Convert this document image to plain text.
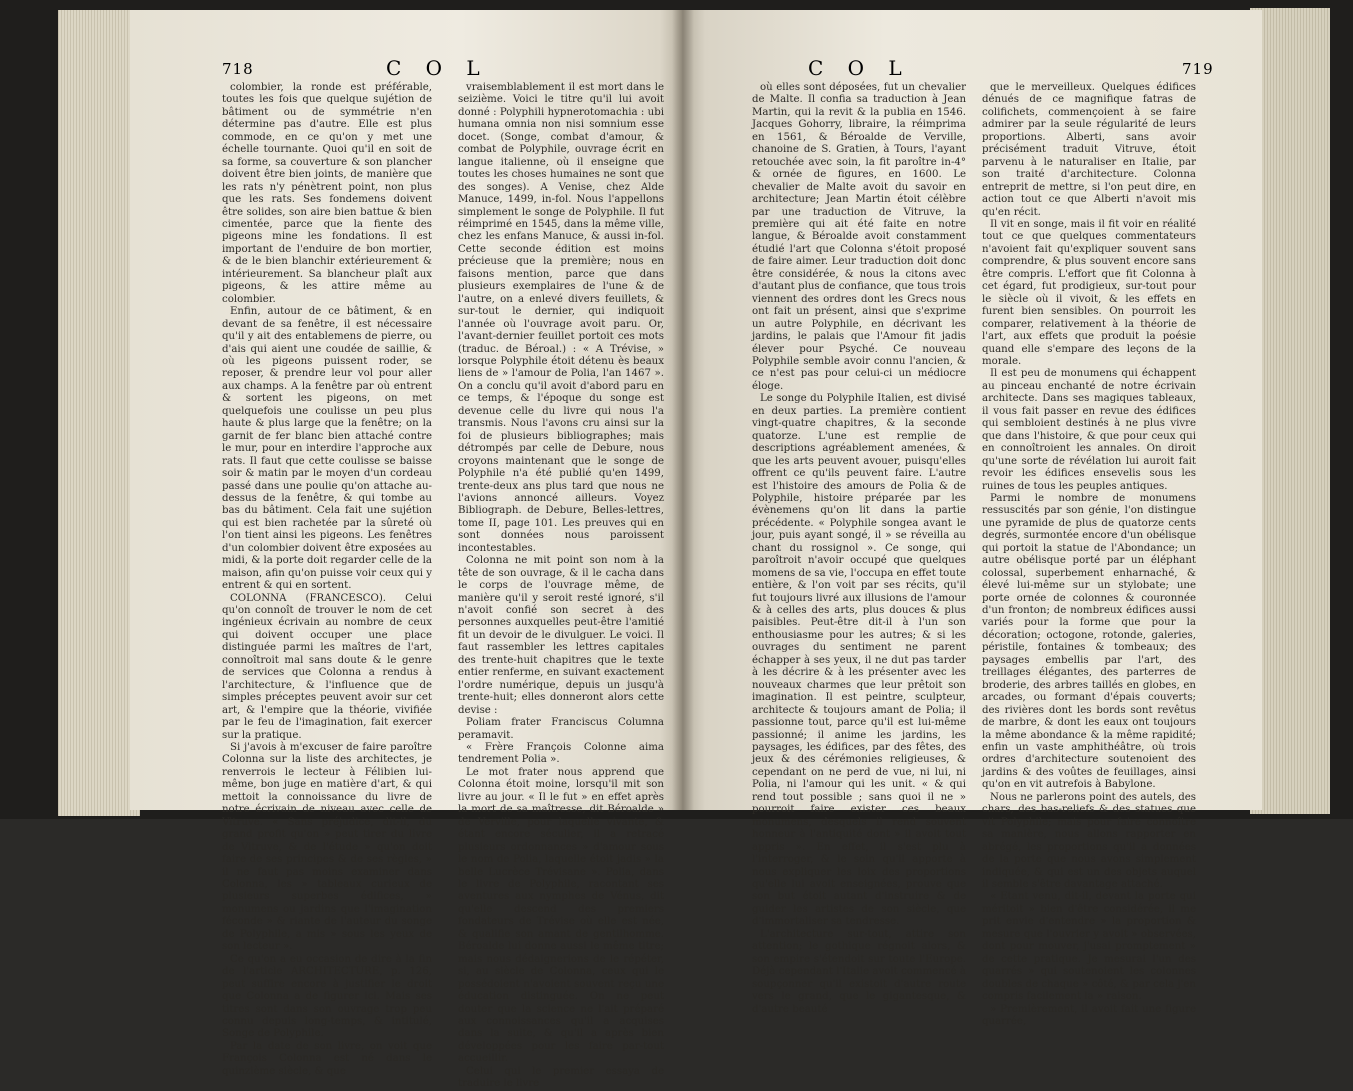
718	C O L

colombier, la ronde est préférable, toutes les fois que quelque sujétion de bâtiment ou de symmétrie n'en détermine pas d'autre. Elle est plus commode, en ce qu'on y met une échelle tournante. Quoi qu'il en soit de sa forme, sa couverture & son plancher doivent être bien joints, de manière que les rats n'y pénètrent point, non plus que les rats. Ses fondemens doivent être solides, son aire bien battue & bien cimentée, parce que la fiente des pigeons mine les fondations. Il est important de l'enduire de bon mortier, & de le bien blanchir extérieurement & intérieurement. Sa blancheur plaît aux pigeons, & les attire même au colombier.

Enfin, autour de ce bâtiment, & en devant de sa fenêtre, il est nécessaire qu'il y ait des entablemens de pierre, ou d'ais qui aient une coudée de saillie, & où les pigeons puissent roder, se reposer, & prendre leur vol pour aller aux champs. A la fenêtre par où entrent & sortent les pigeons, on met quelquefois une coulisse un peu plus haute & plus large que la fenêtre; on la garnit de fer blanc bien attaché contre le mur, pour en interdire l'approche aux rats. Il faut que cette coulisse se baisse soir & matin par le moyen d'un cordeau passé dans une poulie qu'on attache au-dessus de la fenêtre, & qui tombe au bas du bâtiment. Cela fait une sujétion qui est bien rachetée par la sûreté où l'on tient ainsi les pigeons. Les fenêtres d'un colombier doivent être exposées au midi, & la porte doit regarder celle de la maison, afin qu'on puisse voir ceux qui y entrent & qui en sortent.

COLONNA (FRANCESCO). Celui qu'on connoît de trouver le nom de cet ingénieux écrivain au nombre de ceux qui doivent occuper une place distinguée parmi les maîtres de l'art, connoîtroit mal sans doute & le genre de services que Colonna a rendus à l'architecture, & l'influence que de simples préceptes peuvent avoir sur cet art, & l'empire que la théorie, vivifiée par le feu de l'imagination, fait exercer sur la pratique.

Si j'avois à m'excuser de faire paroître Colonna sur la liste des architectes, je renverrois le lecteur à Félibien lui-même, bon juge en matière d'art, & qui mettoit la connoissance du livre de notre écrivain de niveau avec celle de Vitruve. « Sans préjudice, dit-il, du grand profit qu'on » peut tirer du livre de Vitruve, & de l'étude » qu'on doit faire de ses principes & de ses règles, » il ne faut pas moins examiner dans Colonna, les » tableaux curieux de plusieurs superbes édifices, » monumens ou jardins que l'imagination féconde » & riante de l'auteur du songe de Polyphile, a mis » sous les yeux de son lecteur ».

Ce qu'on a eu occasion de dire à la fin de l'article ARCHITECTURE, p. 126, peut suffire encore à justifier le droit que Colonna a de figurer ici. Mais ses titres sont dans son ouvrage trop peu connu depuis long-temps, & intitulé, Songe de Polyphile.

Par la date de son livre, on voit que François Colonna est né dans le quinzième siècle, & que

vraisemblablement il est mort dans le seizième. Voici le titre qu'il lui avoit donné : Polyphili hypnerotomachia : ubi humana omnia non nisi somnium esse docet. (Songe, combat d'amour, & combat de Polyphile, ouvrage écrit en langue italienne, où il enseigne que toutes les choses humaines ne sont que des songes). A Venise, chez Alde Manuce, 1499, in-fol. Nous l'appellons simplement le songe de Polyphile. Il fut réimprimé en 1545, dans la même ville, chez les enfans Manuce, & aussi in-fol. Cette seconde édition est moins précieuse que la première; nous en faisons mention, parce que dans plusieurs exemplaires de l'une & de l'autre, on a enlevé divers feuillets, & sur-tout le dernier, qui indiquoit l'année où l'ouvrage avoit paru. Or, l'avant-dernier feuillet portoit ces mots (traduc. de Béroal.) : « A Trévise, » lorsque Polyphile étoit détenu ès beaux liens de » l'amour de Polia, l'an 1467 ». On a conclu qu'il avoit d'abord paru en ce temps, & l'époque du songe est devenue celle du livre qui nous l'a transmis. Nous l'avons cru ainsi sur la foi de plusieurs bibliographes; mais détrompés par celle de Debure, nous croyons maintenant que le songe de Polyphile n'a été publié qu'en 1499, trente-deux ans plus tard que nous ne l'avions annoncé ailleurs. Voyez Bibliograph. de Debure, Belles-lettres, tome II, page 101. Les preuves qui en sont données nous paroissent incontestables.

Colonna ne mit point son nom à la tête de son ouvrage, & il le cacha dans le corps de l'ouvrage même, de manière qu'il y seroit resté ignoré, s'il n'avoit confié son secret à des personnes auxquelles peut-être l'amitié fit un devoir de le divulguer. Le voici. Il faut rassembler les lettres capitales des trente-huit chapitres que le texte entier renferme, en suivant exactement l'ordre numérique, depuis un jusqu'à trente-huit; elles donneront alors cette devise :

Poliam frater Franciscus Columna peramavit.

« Frère François Colonne aima tendrement Polia ».

Le mot frater nous apprend que Colonna étoit moine, lorsqu'il mit son livre au jour. « Il le fut » en effet après la mort de sa maîtresse, dit Béroalde » de Verville, pour laquelle vivante, & étant encore séculier, il a retracé plusieurs ordonnances » d'amour sous le nom de Polia, laquelle étoit jadis » la belle Lucrèce Trévisane ». Polia, dans le livre de Polyphile, racontant ses aventures aux nymphes de Vénus, dit qu'elle descend des premiers fondateurs de Trévise où elle est née, & qualifie son amant de gentilhomme. Béroalde lui donne aussi le même titre; mais nous dédaignerions de le répéter, si, au siècle de Colonna, ceux qui le possédoient n'avoient souvent reçu une éducation distinguée. On ne peut douter que la science ne l'ait préparé aux connoissances qu'il a acquises dans la suite, & qu'il a après bien développées pour les faire par-tout accueillir.

Celui qui le premier essaya de traduire le livre

C O L	719

où elles sont déposées, fut un chevalier de Malte. Il confia sa traduction à Jean Martin, qui la revit & la publia en 1546. Jacques Gohorry, libraire, la réimprima en 1561, & Béroalde de Verville, chanoine de S. Gratien, à Tours, l'ayant retouchée avec soin, la fit paroître in-4° & ornée de figures, en 1600. Le chevalier de Malte avoit du savoir en architecture; Jean Martin étoit célèbre par une traduction de Vitruve, la première qui ait été faite en notre langue, & Béroalde avoit constamment étudié l'art que Colonna s'étoit proposé de faire aimer. Leur traduction doit donc être considérée, & nous la citons avec d'autant plus de confiance, que tous trois viennent des ordres dont les Grecs nous ont fait un présent, ainsi que s'exprime un autre Polyphile, en décrivant les jardins, le palais que l'Amour fit jadis élever pour Psyché. Ce nouveau Polyphile semble avoir connu l'ancien, & ce n'est pas pour celui-ci un médiocre éloge.

Le songe du Polyphile Italien, est divisé en deux parties. La première contient vingt-quatre chapitres, & la seconde quatorze. L'une est remplie de descriptions agréablement amenées, & que les arts peuvent avouer, puisqu'elles offrent ce qu'ils peuvent faire. L'autre est l'histoire des amours de Polia & de Polyphile, histoire préparée par les évènemens qu'on lit dans la partie précédente. « Polyphile songea avant le jour, puis ayant songé, il » se réveilla au chant du rossignol ». Ce songe, qui paroîtroit n'avoir occupé que quelques momens de sa vie, l'occupa en effet toute entière, & l'on voit par ses récits, qu'il fut toujours livré aux illusions de l'amour & à celles des arts, plus douces & plus paisibles. Peut-être dit-il à l'un son enthousiasme pour les autres; & si les ouvrages du sentiment ne parent échapper à ses yeux, il ne dut pas tarder à les décrire & à les présenter avec les nouveaux charmes que leur prêtoit son imagination. Il est peintre, sculpteur, architecte & toujours amant de Polia; il passionne tout, parce qu'il est lui-même passionné; il anime les jardins, les paysages, les édifices, par des fêtes, des jeux & des cérémonies religieuses, & cependant on ne perd de vue, ni lui, ni Polia, ni l'amour qui les unit. « & qui rend tout possible ; sans quoi il ne » pourroit faire exister ces beaux monumens, desquels il rend souvent honneur à l'antiquité dont » il avoit tout appris ». En effet, il s'est plu à l'interroger, & le soin qu'il apporte à nous expliquer les loix des proportions qu'elle lui avoit enseignées, prouve que son but étoit autant d'instruire & de guider les artistes de son siècle, que d'immortaliser sa tendresse.

L'architecture sur-tout, attire son attention; le gothique régnoit alors, & son empire s'étendoit sur toute l'Europe. Déjà cependant l'Italie avoit commencé à soupçonner qu'il existoit d'autre route vers le grand, que le gigantesque, & d'autre beauté

que le merveilleux. Quelques édifices dénués de ce magnifique fatras de colifichets, commençoient à se faire admirer par la seule régularité de leurs proportions. Alberti, sans avoir précisément traduit Vitruve, étoit parvenu à le naturaliser en Italie, par son traité d'architecture. Colonna entreprit de mettre, si l'on peut dire, en action tout ce que Alberti n'avoit mis qu'en récit.

Il vit en songe, mais il fit voir en réalité tout ce que quelques commentateurs n'avoient fait qu'expliquer souvent sans comprendre, & plus souvent encore sans être compris. L'effort que fit Colonna à cet égard, fut prodigieux, sur-tout pour le siècle où il vivoit, & les effets en furent bien sensibles. On pourroit les comparer, relativement à la théorie de l'art, aux effets que produit la poésie quand elle s'empare des leçons de la morale.

Il est peu de monumens qui échappent au pinceau enchanté de notre écrivain architecte. Dans ses magiques tableaux, il vous fait passer en revue des édifices qui sembloient destinés à ne plus vivre que dans l'histoire, & que pour ceux qui en connoîtroient les annales. On diroit qu'une sorte de révélation lui auroit fait revoir les édifices ensevelis sous les ruines de tous les peuples antiques.

Parmi le nombre de monumens ressuscités par son génie, l'on distingue une pyramide de plus de quatorze cents degrés, surmontée encore d'un obélisque qui portoit la statue de l'Abondance; un autre obélisque porté par un éléphant colossal, superbement enharnaché, & élevé lui-même sur un stylobate; une porte ornée de colonnes & couronnée d'un fronton; de nombreux édifices aussi variés pour la forme que pour la décoration; octogone, rotonde, galeries, péristile, fontaines & tombeaux; des paysages embellis par l'art, des treillages élégantes, des parterres de broderie, des arbres taillés en globes, en arcades, ou formant d'épais couverts; des rivières dont les bords sont revêtus de marbre, & dont les eaux ont toujours la même abondance & la même rapidité; enfin un vaste amphithéâtre, où trois ordres d'architecture soutenoient des jardins & des voûtes de feuillages, ainsi qu'on en vit autrefois à Babylone.

Nous ne parlerons point des autels, des chars, des bas-reliefs & des statues que vit Polyphile; mais pour faire connoître sa manière, nous allons rapporter en abrégé, les proportions qu'il a données de la porte que nous avons simplement indiquée, & qui est un des objets auquel il semble s'être davantage attaché.

« Etant venu, dit-il, devant la porte qui méritoit » bien d'être considérée, il me prit envie d'entendre » la proportion & mesure que l'ouvrier y avoit » observées, dont pour mouver, j'usai promptement » de cette pratique. Je mesurai l'un des quarrés » qui soutenoient les colonnes doubles de chaque » côté, & par cela j'en compris facilement la » raison.

» Premièrement, il avoit fait une figure quarrée,
